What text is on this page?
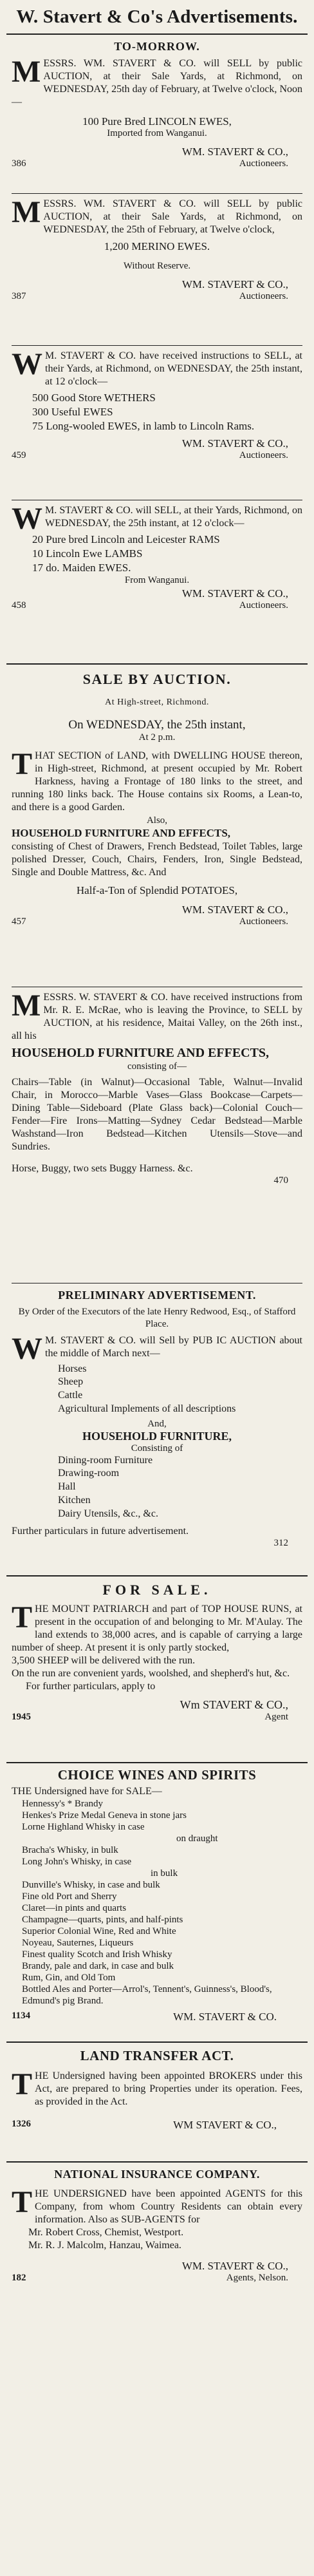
W. Stavert & Co's Advertisements.
TO-MORROW.
MESSRS. WM. STAVERT & CO. will SELL by public AUCTION, at their Sale Yards, at Richmond, on WEDNESDAY, 25th day of February, at Twelve o'clock, Noon—
100 Pure Bred LINCOLN EWES,
Imported from Wanganui.
WM. STAVERT & CO.,
386	Auctioneers.
MESSRS. WM. STAVERT & CO. will SELL by public AUCTION, at their Sale Yards, at Richmond, on WEDNESDAY, the 25th of February, at Twelve o'clock,
1,200 MERINO EWES.
Without Reserve.
WM. STAVERT & CO.,
387	Auctioneers.
W M. STAVERT & CO. have received instructions to SELL, at their Yards, at Richmond, on WEDNESDAY, the 25th instant, at 12 o'clock—
500 Good Store WETHERS
300 Useful EWES
75 Long-wooled EWES, in lamb to Lincoln Rams.
WM. STAVERT & CO.,
459	Auctioneers.
W M. STAVERT & CO. will SELL, at their Yards, Richmond, on WEDNESDAY, the 25th instant, at 12 o'clock—
20 Pure bred Lincoln and Leicester RAMS
10 Lincoln Ewe LAMBS
17 do. Maiden EWES.
From Wanganui.
WM. STAVERT & CO.,
458	Auctioneers.
SALE BY AUCTION.
At High-street, Richmond.
On WEDNESDAY, the 25th instant,
At 2 p.m.
THAT SECTION of LAND, with DWELLING HOUSE thereon, in High-street, Richmond, at present occupied by Mr. Robert Harkness, having a Frontage of 180 links to the street, and running 180 links back. The House contains six Rooms, a Lean-to, and there is a good Garden.
Also,
HOUSEHOLD FURNITURE AND EFFECTS,
consisting of Chest of Drawers, French Bedstead, Toilet Tables, large polished Dresser, Couch, Chairs, Fenders, Iron, Single Bedstead, Single and Double Mattress, &c. And
Half-a-Ton of Splendid POTATOES,
WM. STAVERT & CO.,
457	Auctioneers.
MESSRS. W. STAVERT & CO. have received instructions from Mr. R. E. McRae, who is leaving the Province, to SELL by AUCTION, at his residence, Maitai Valley, on the 26th inst., all his
HOUSEHOLD FURNITURE AND EFFECTS,
consisting of—
Chairs—Table (in Walnut)—Occasional Table, Walnut—Invalid Chair, in Morocco—Marble Vases—Glass Bookcase—Carpets—Dining Table—Sideboard (Plate Glass back)—Colonial Couch—Fender—Fire Irons—Matting—Sydney Cedar Bedstead—Marble Washstand—Iron Bedstead—Kitchen Utensils—Stove—and Sundries.
Horse, Buggy, two sets Buggy Harness. &c.
470
PRELIMINARY ADVERTISEMENT.
By Order of the Executors of the late Henry Redwood, Esq., of Stafford Place.
W M. STAVERT & CO. will Sell by PUB IC AUCTION about the middle of March next—
Horses
Sheep
Cattle
Agricultural Implements of all descriptions
And,
HOUSEHOLD FURNITURE,
Consisting of
Dining-room Furniture
Drawing-room
Hall
Kitchen
Dairy Utensils, &c., &c.
Further particulars in future advertisement.
312
FOR SALE.
THE MOUNT PATRIARCH and part of TOP HOUSE RUNS, at present in the occupation of and belonging to Mr. M'Aulay. The land extends to 38,000 acres, and is capable of carrying a large number of sheep. At present it is only partly stocked,
3,500 SHEEP will be delivered with the run.
On the run are convenient yards, woolshed, and shepherd's hut, &c.
For further particulars, apply to
Wm STAVERT & CO.,
1945	Agent
CHOICE WINES AND SPIRITS
THE Undersigned have for SALE—
Hennessy's * Brandy
Henkes's Prize Medal Geneva in stone jars
Lorne Highland Whisky in case
on draught
Bracha's Whisky, in bulk
Long John's Whisky, in case
in bulk
Dunville's Whisky, in case and bulk
Fine old Port and Sherry
Claret—in pints and quarts
Champagne—quarts, pints, and half-pints
Superior Colonial Wine, Red and White
Noyeau, Sauternes, Liqueurs
Finest quality Scotch and Irish Whisky
Brandy, pale and dark, in case and bulk
Rum, Gin, and Old Tom
Bottled Ales and Porter—Arrol's, Tennent's, Guinness's, Blood's, Edmund's pig Brand.
1134	WM. STAVERT & CO.
LAND TRANSFER ACT.
THE Undersigned having been appointed BROKERS under this Act, are prepared to bring Properties under its operation. Fees, as provided in the Act.
1326	WM STAVERT & CO.,
NATIONAL INSURANCE COMPANY.
THE UNDERSIGNED have been appointed AGENTS for this Company, from whom Country Residents can obtain every information. Also as SUB-AGENTS for
Mr. Robert Cross, Chemist, Westport.
Mr. R. J. Malcolm, Hanzau, Waimea.
WM. STAVERT & CO.,
182	Agents, Nelson.
